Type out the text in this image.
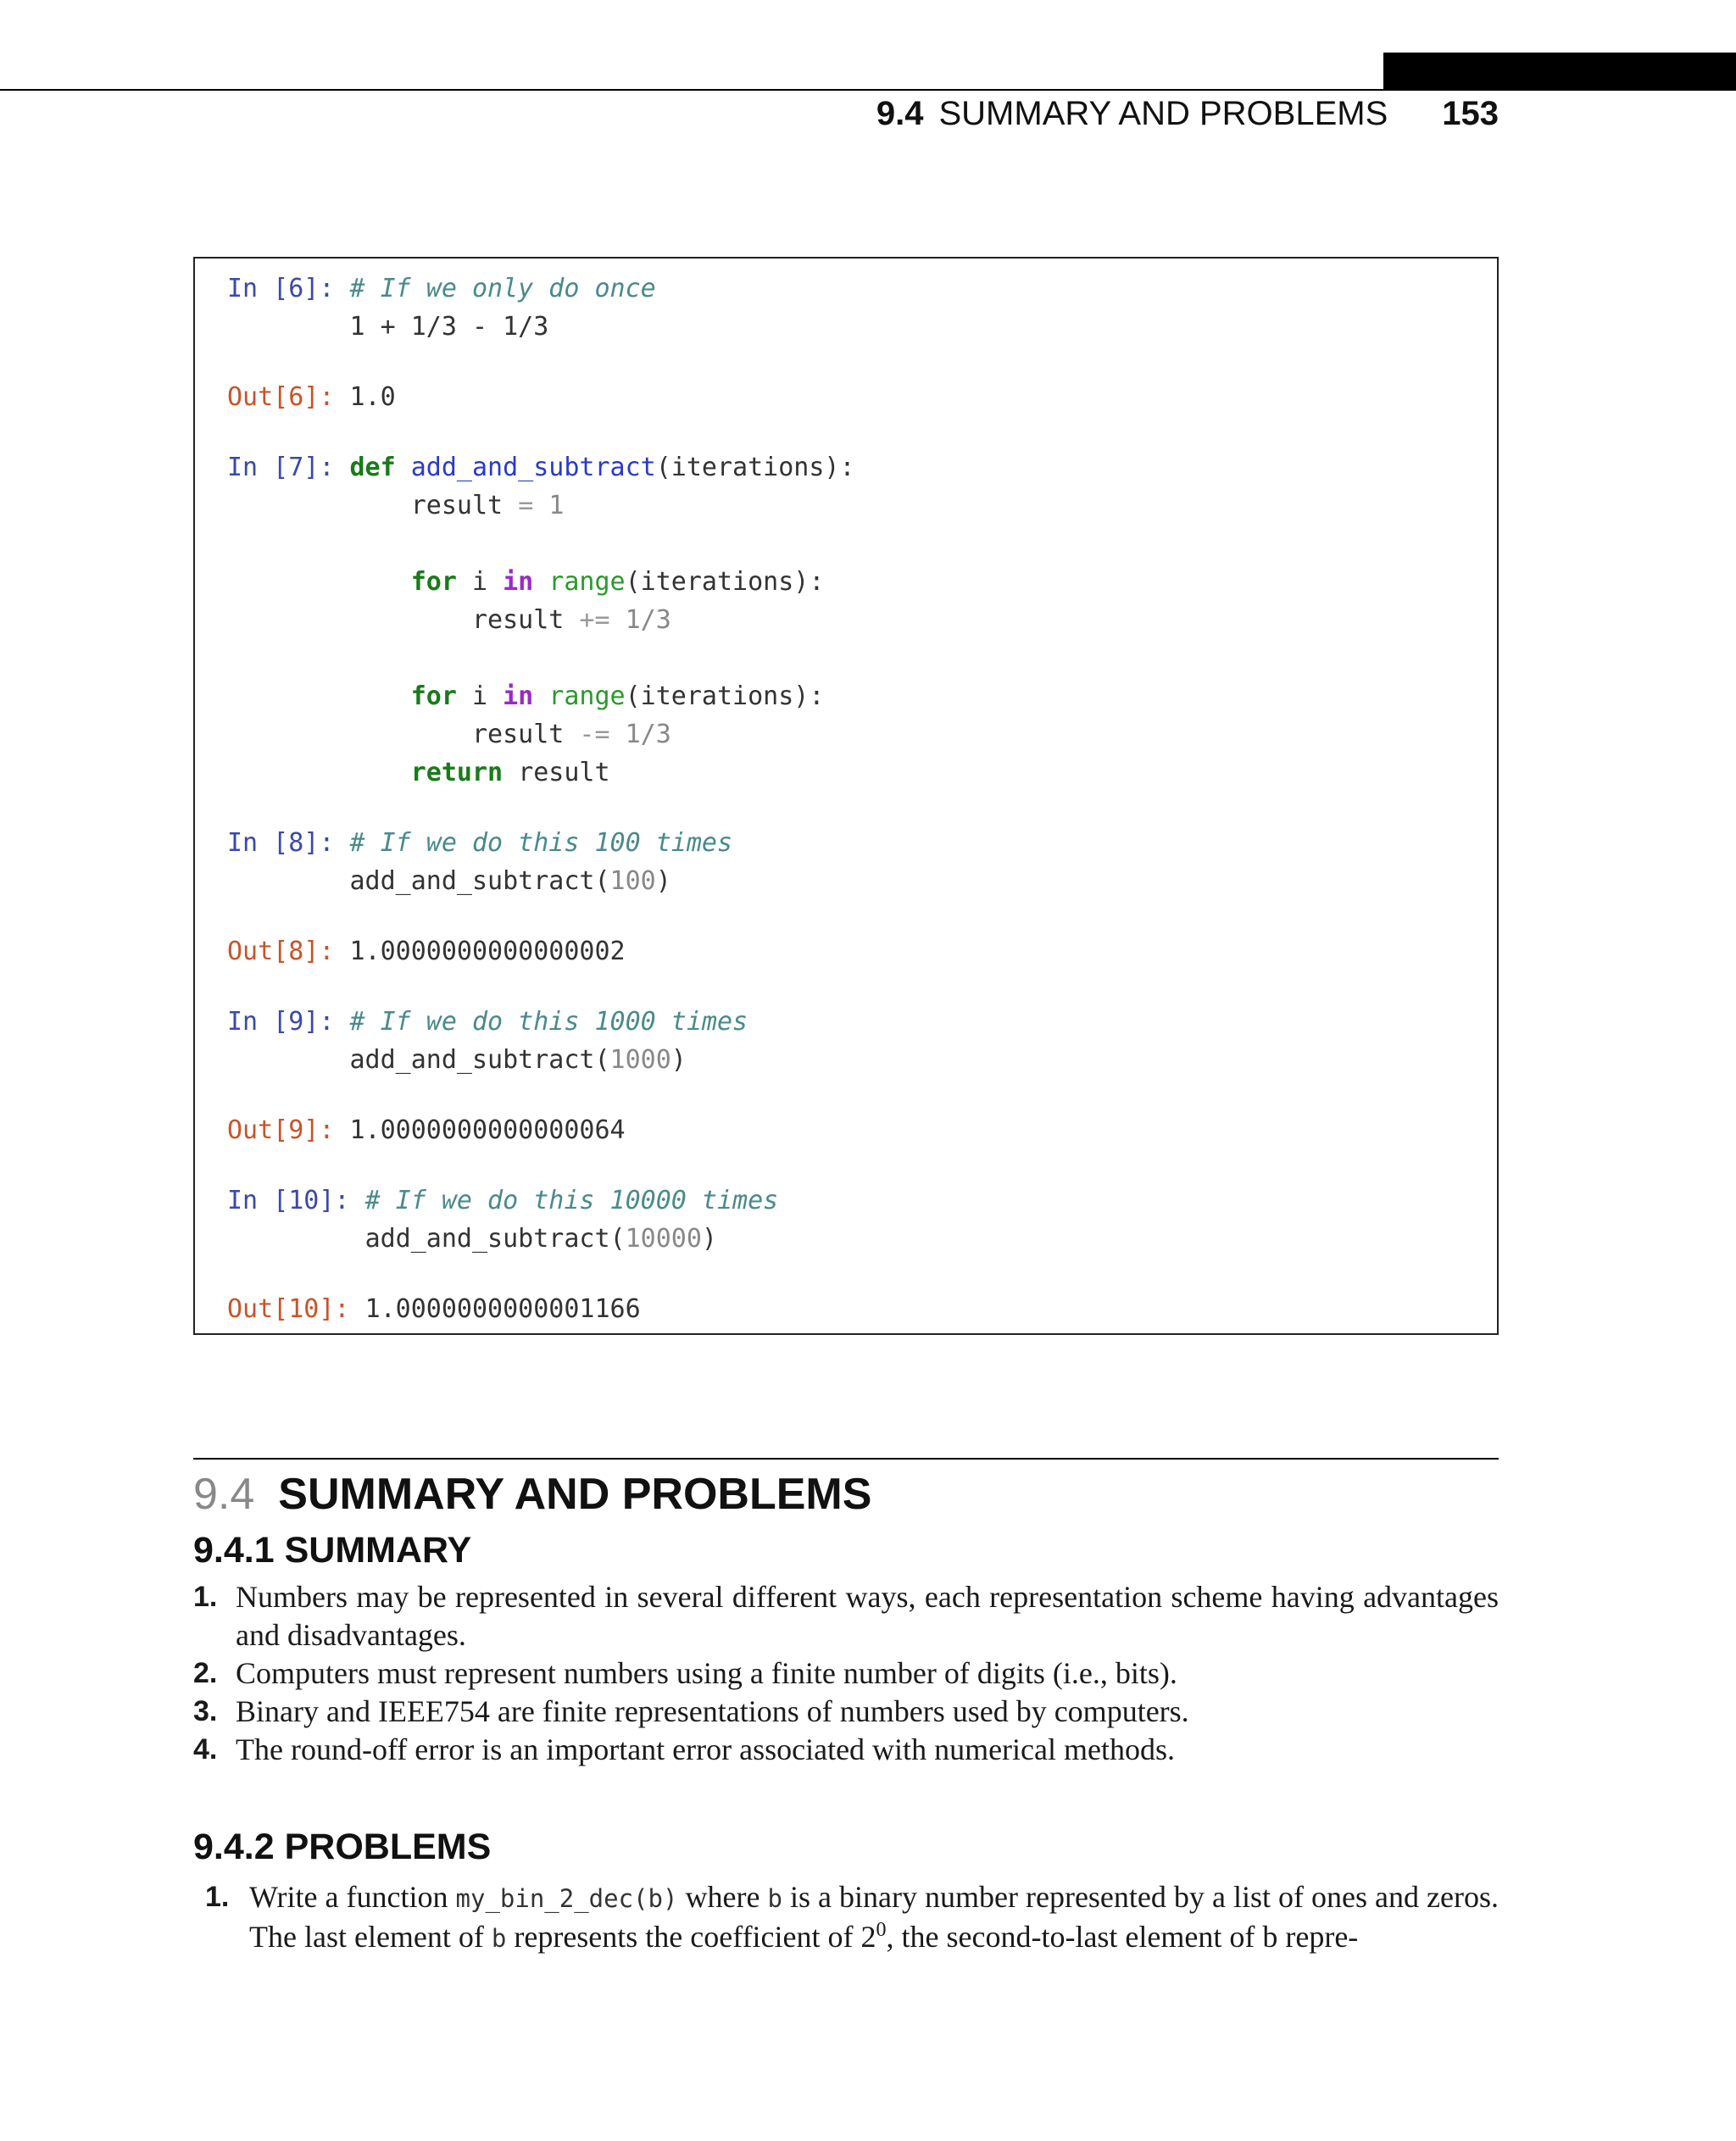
9.4 SUMMARY AND PROBLEMS 153

In [6]: # If we only do once

1 + 1/3 - 1/3

Out[6]: 1.0

In [7]: def add_and_subtract(iterations):

result = 1

for i in range(iterations):

result += 1/3

for i in range(iterations):

result -= 1/3

return result

In [8]: # If we do this 100 times

add_and_subtract(100)

Out[8]: 1.0000000000000002

In [9]: # If we do this 1000 times

add_and_subtract(1000)

Out[9]: 1.0000000000000064

In [10]: # If we do this 10000 times

add_and_subtract(10000)

Out[10]: 1.0000000000001166

9.4 SUMMARY AND PROBLEMS
9.4.1 SUMMARY
1. Numbers may be represented in several different ways, each representation scheme having advantages and disadvantages.
2. Computers must represent numbers using a finite number of digits (i.e., bits).
3. Binary and IEEE754 are finite representations of numbers used by computers.
4. The round-off error is an important error associated with numerical methods.
9.4.2 PROBLEMS
1. Write a function my_bin_2_dec(b) where b is a binary number represented by a list of ones and zeros. The last element of b represents the coefficient of $2^0$, the second-to-last element of b repre-
